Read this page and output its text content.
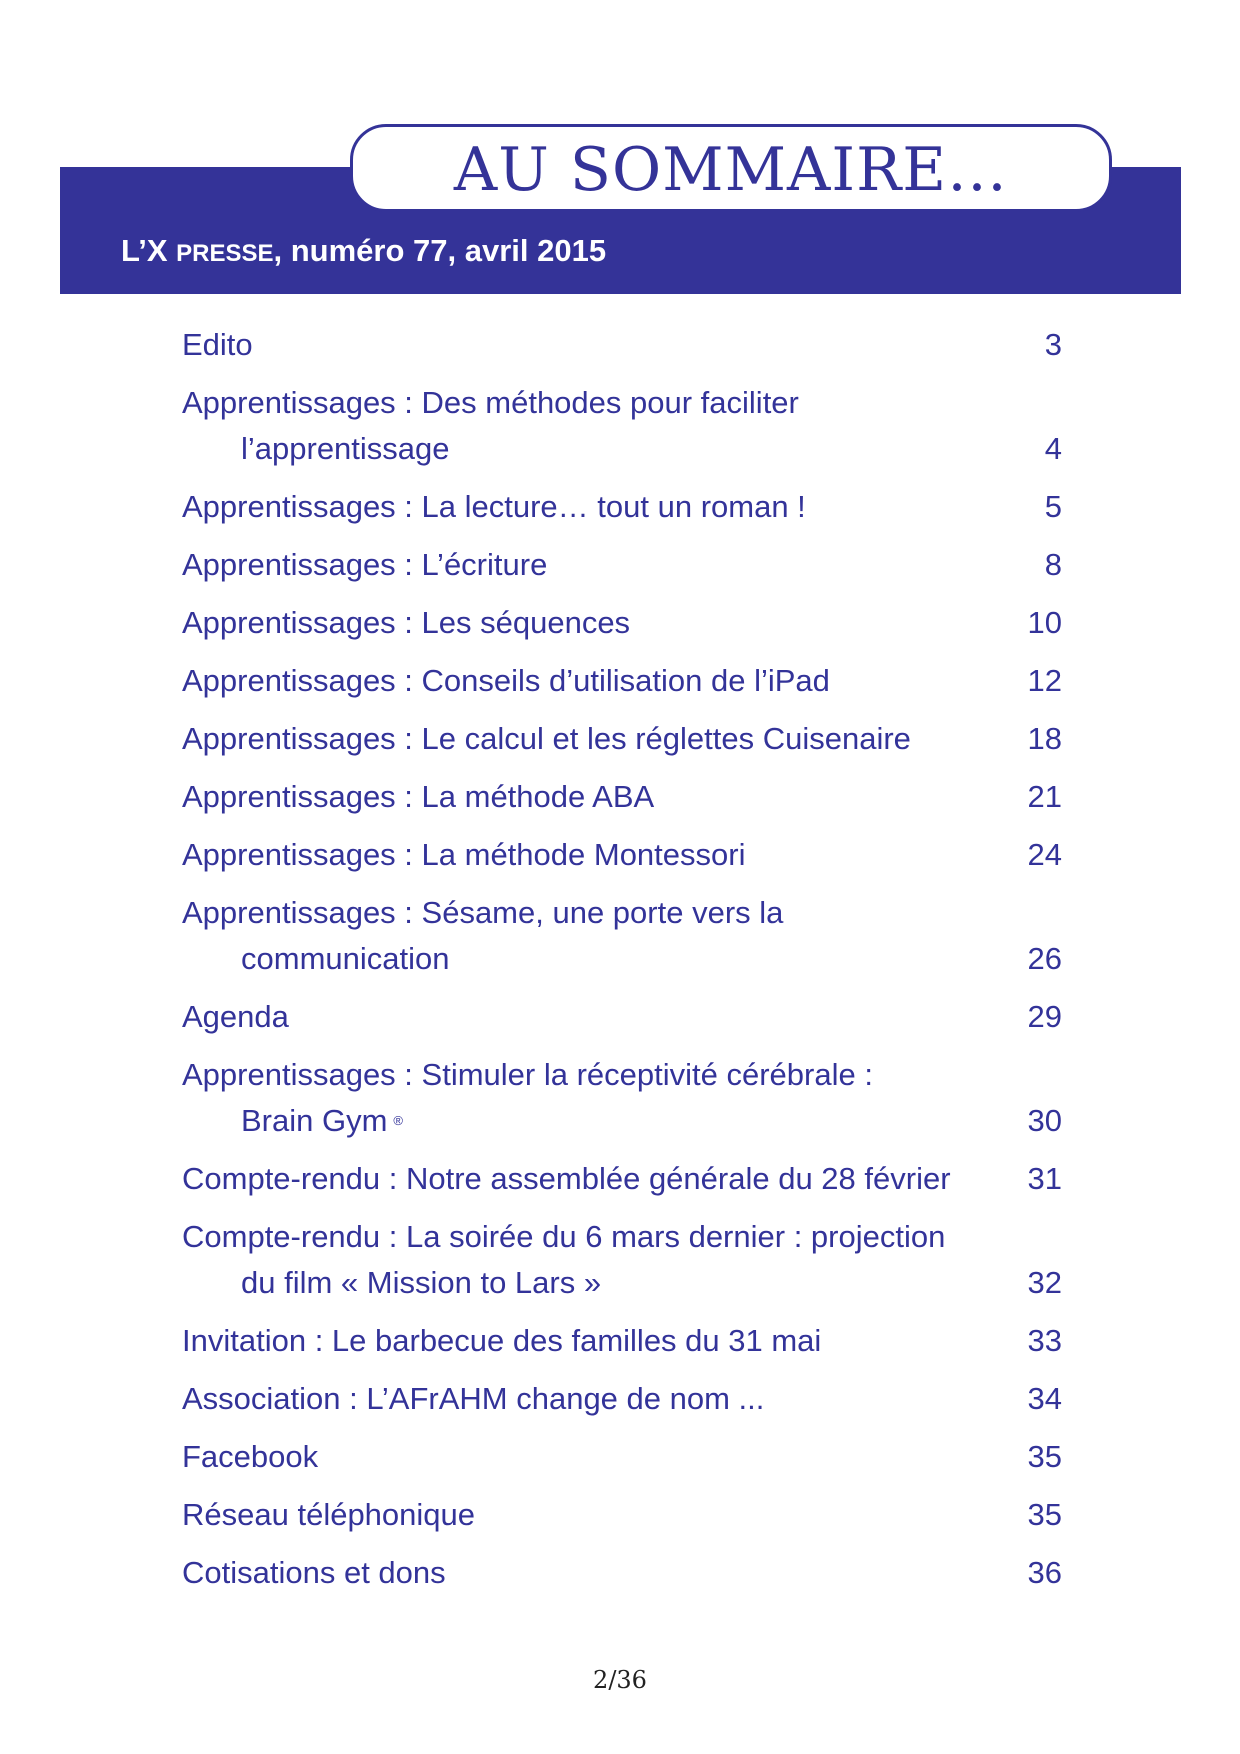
AU SOMMAIRE…
L’X PRESSE, numéro 77, avril 2015
Edito	3
Apprentissages : Des méthodes pour faciliter
l’apprentissage	4
Apprentissages : La lecture… tout un roman !	5
Apprentissages : L’écriture	8
Apprentissages : Les séquences	10
Apprentissages : Conseils d’utilisation de l’iPad	12
Apprentissages : Le calcul et les réglettes Cuisenaire	18
Apprentissages : La méthode ABA	21
Apprentissages : La méthode Montessori	24
Apprentissages : Sésame, une porte vers la
communication	26
Agenda	29
Apprentissages : Stimuler la réceptivité cérébrale :
Brain Gym ®	30
Compte-rendu : Notre assemblée générale du 28 février	31
Compte-rendu : La soirée du 6 mars dernier : projection
du film « Mission to Lars »	32
Invitation : Le barbecue des familles du 31 mai	33
Association : L’AFrAHM change de nom ...	34
Facebook	35
Réseau téléphonique	35
Cotisations et dons	36
2/36
